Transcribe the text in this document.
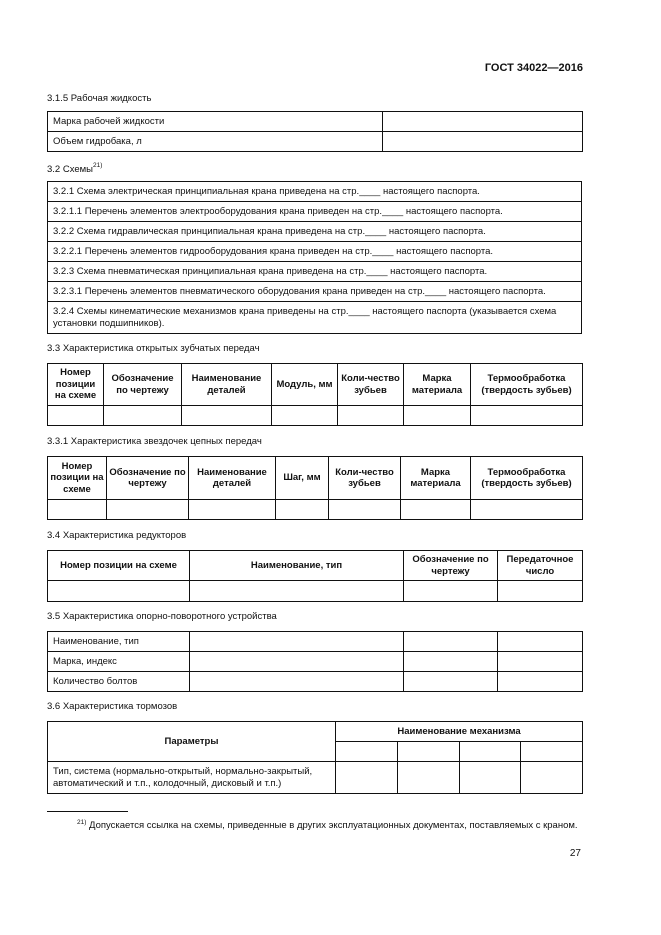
ГОСТ 34022—2016
3.1.5 Рабочая жидкость
Марка рабочей жидкости	
Объем гидробака, л	
3.2 Схемы$^{21)}$
3.2.1 Схема электрическая принципиальная крана приведена на стр.____ настоящего паспорта.
3.2.1.1 Перечень элементов электрооборудования крана приведен на стр.____ настоящего паспорта.
3.2.2 Схема гидравлическая принципиальная крана приведена на стр.____ настоящего паспорта.
3.2.2.1 Перечень элементов гидрооборудования крана приведен на стр.____ настоящего паспорта.
3.2.3 Схема пневматическая принципиальная крана приведена на стр.____ настоящего паспорта.
3.2.3.1 Перечень элементов пневматического оборудования крана приведен на стр.____ настоящего паспорта.
3.2.4 Схемы кинематические механизмов крана приведены на стр.____ настоящего паспорта (указывается схема установки подшипников).
3.3 Характеристика открытых зубчатых передач
Номер позиции на схеме	Обозначение по чертежу	Наименование деталей	Модуль, мм	Коли-чество зубьев	Марка материала	Термообработка (твердость зубьев)

3.3.1 Характеристика звездочек цепных передач
Номер позиции на схеме	Обозначение по чертежу	Наименование деталей	Шаг, мм	Коли-чество зубьев	Марка материала	Термообработка (твердость зубьев)

3.4 Характеристика редукторов
Номер позиции на схеме	Наименование, тип	Обозначение по чертежу	Передаточное число

3.5 Характеристика опорно-поворотного устройства
Наименование, тип			
Марка, индекс			
Количество болтов			
3.6 Характеристика тормозов
Параметры	Наименование механизма			

Тип, система (нормально-открытый, нормально-закрытый, автоматический и т.п., колодочный, дисковый и т.п.)				
$^{21)}$ Допускается ссылка на схемы, приведенные в других эксплуатационных документах, поставляемых с краном.
27
